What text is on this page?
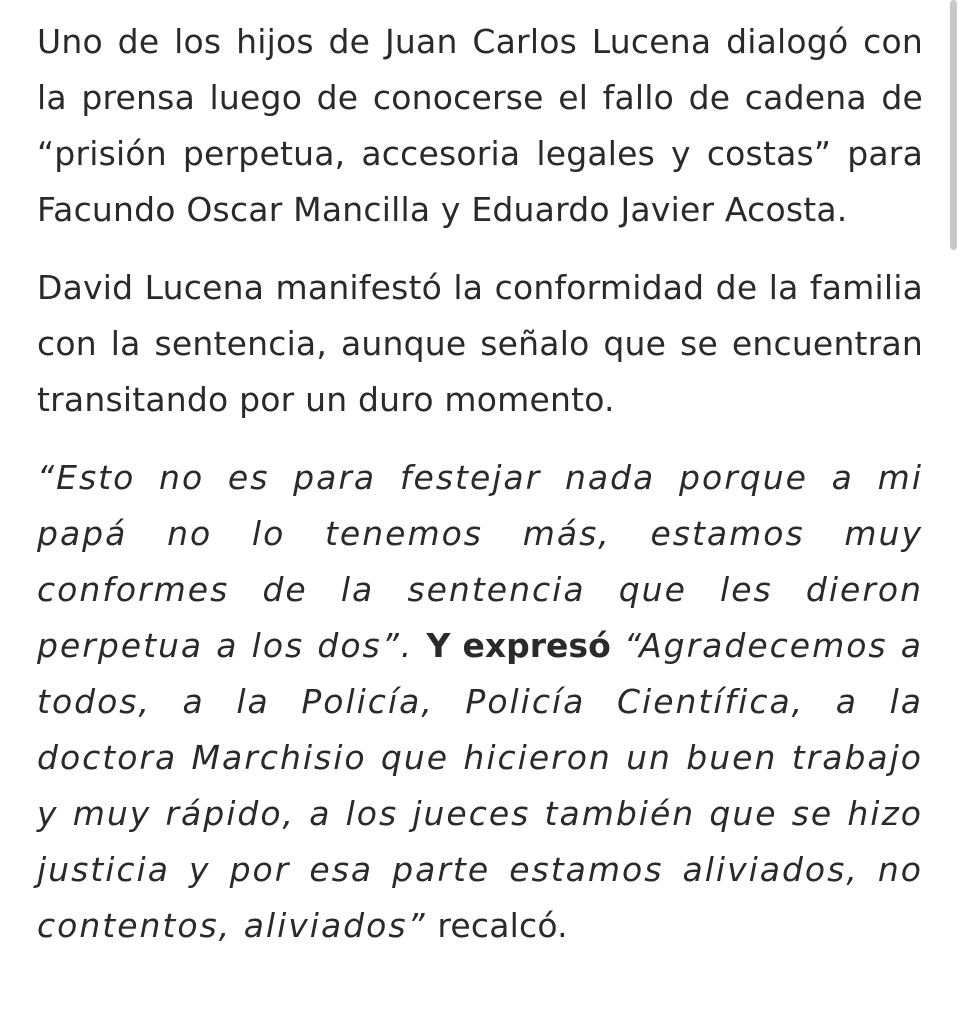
Uno de los hijos de Juan Carlos Lucena dialogó con la prensa luego de conocerse el fallo de cadena de “prisión perpetua, accesoria legales y costas” para Facundo Oscar Mancilla y Eduardo Javier Acosta.

David Lucena manifestó la conformidad de la familia con la sentencia, aunque señalo que se encuentran transitando por un duro momento.

“Esto no es para festejar nada porque a mi papá no lo tenemos más, estamos muy conformes de la sentencia que les dieron perpetua a los dos”. Y expresó “Agradecemos a todos, a la Policía, Policía Científica, a la doctora Marchisio que hicieron un buen trabajo y muy rápido, a los jueces también que se hizo justicia y por esa parte estamos aliviados, no contentos, aliviados” recalcó.
